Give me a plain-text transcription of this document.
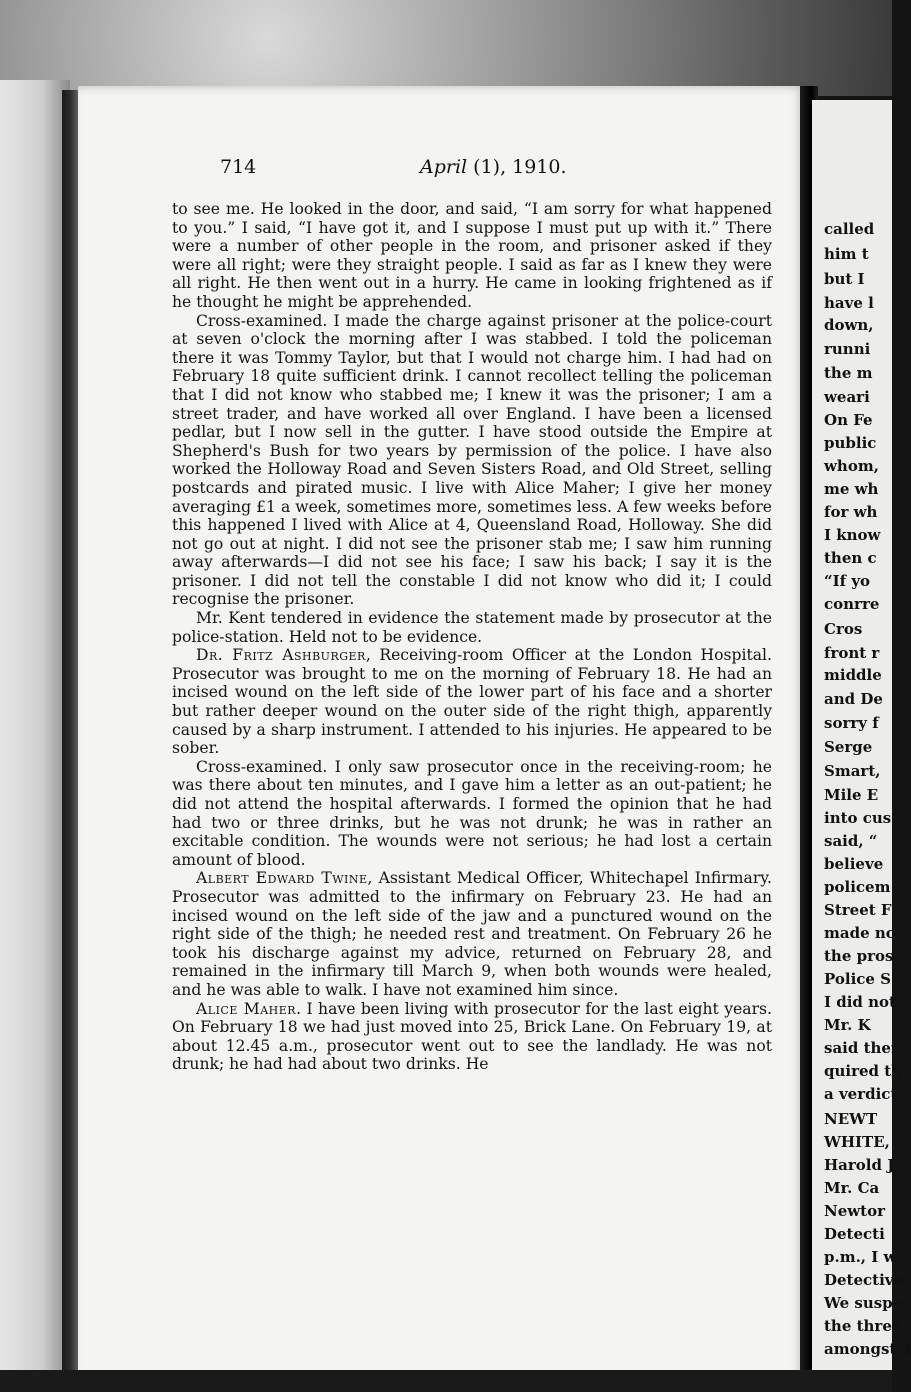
714	April (1), 1910.

to see me. He looked in the door, and said, “I am sorry for what happened to you.” I said, “I have got it, and I suppose I must put up with it.” There were a number of other people in the room, and prisoner asked if they were all right; were they straight people. I said as far as I knew they were all right. He then went out in a hurry. He came in looking frightened as if he thought he might be apprehended.

Cross-examined. I made the charge against prisoner at the police-court at seven o'clock the morning after I was stabbed. I told the policeman there it was Tommy Taylor, but that I would not charge him. I had had on February 18 quite sufficient drink. I cannot recollect telling the policeman that I did not know who stabbed me; I knew it was the prisoner; I am a street trader, and have worked all over England. I have been a licensed pedlar, but I now sell in the gutter. I have stood outside the Empire at Shepherd's Bush for two years by permission of the police. I have also worked the Holloway Road and Seven Sisters Road, and Old Street, selling postcards and pirated music. I live with Alice Maher; I give her money averaging £1 a week, sometimes more, sometimes less. A few weeks before this happened I lived with Alice at 4, Queensland Road, Holloway. She did not go out at night. I did not see the prisoner stab me; I saw him running away afterwards—I did not see his face; I saw his back; I say it is the prisoner. I did not tell the constable I did not know who did it; I could recognise the prisoner.

Mr. Kent tendered in evidence the statement made by prosecutor at the police-station. Held not to be evidence.

Dr. Fritz Ashburger, Receiving-room Officer at the London Hospital. Prosecutor was brought to me on the morning of February 18. He had an incised wound on the left side of the lower part of his face and a shorter but rather deeper wound on the outer side of the right thigh, apparently caused by a sharp instrument. I attended to his injuries. He appeared to be sober.

Cross-examined. I only saw prosecutor once in the receiving-room; he was there about ten minutes, and I gave him a letter as an out-patient; he did not attend the hospital afterwards. I formed the opinion that he had had two or three drinks, but he was not drunk; he was in rather an excitable condition. The wounds were not serious; he had lost a certain amount of blood.

Albert Edward Twine, Assistant Medical Officer, Whitechapel Infirmary. Prosecutor was admitted to the infirmary on February 23. He had an incised wound on the left side of the jaw and a punctured wound on the right side of the thigh; he needed rest and treatment. On February 26 he took his discharge against my advice, returned on February 28, and remained in the infirmary till March 9, when both wounds were healed, and he was able to walk. I have not examined him since.

Alice Maher. I have been living with prosecutor for the last eight years. On February 18 we had just moved into 25, Brick Lane. On February 19, at about 12.45 a.m., prosecutor went out to see the landlady. He was not drunk; he had had about two drinks. He

called
him t
but I
have l
down,
runni
the m
weari
On Fe
public
whom,
me wh
for wh
I know
then c
“If yo
conrre
Cros
front r
middle
and De
sorry f
Serge
Smart,
Mile E
into cus
said, “
believe
policem
Street F
made no
the pros
Police S
I did not
Mr. K
said ther
quired th
a verdict
NEWT
WHITE,
Harold J
Mr. Ca
Newtor
Detecti
p.m., I w
Detective
We suspe
the three
amongst a
